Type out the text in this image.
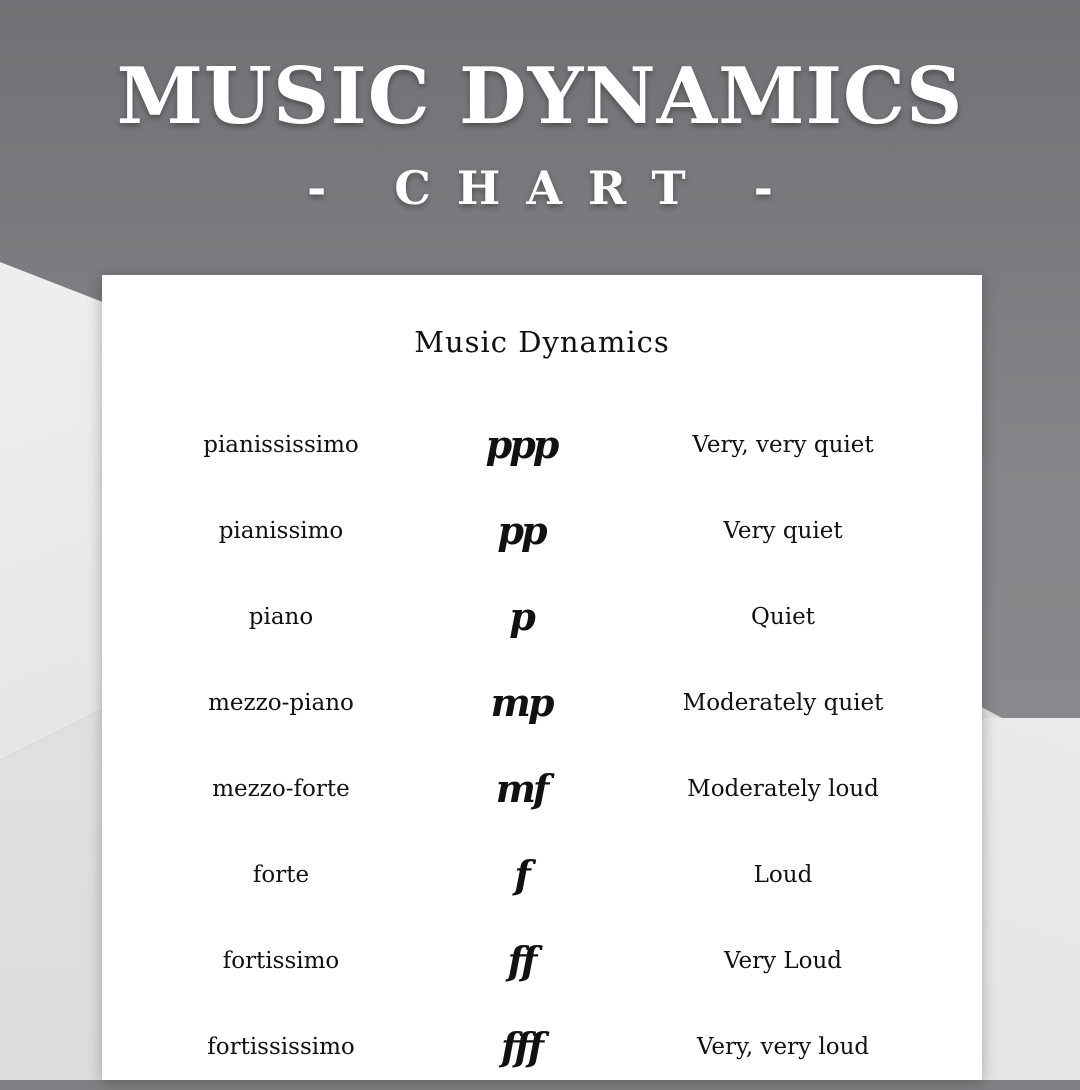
MUSIC DYNAMICS
- CHART -
Music Dynamics
pianississimo	ppp	Very, very quiet
pianissimo	pp	Very quiet
piano	p	Quiet
mezzo-piano	mp	Moderately quiet
mezzo-forte	mf	Moderately loud
forte	f	Loud
fortissimo	ff	Very Loud
fortississimo	fff	Very, very loud
